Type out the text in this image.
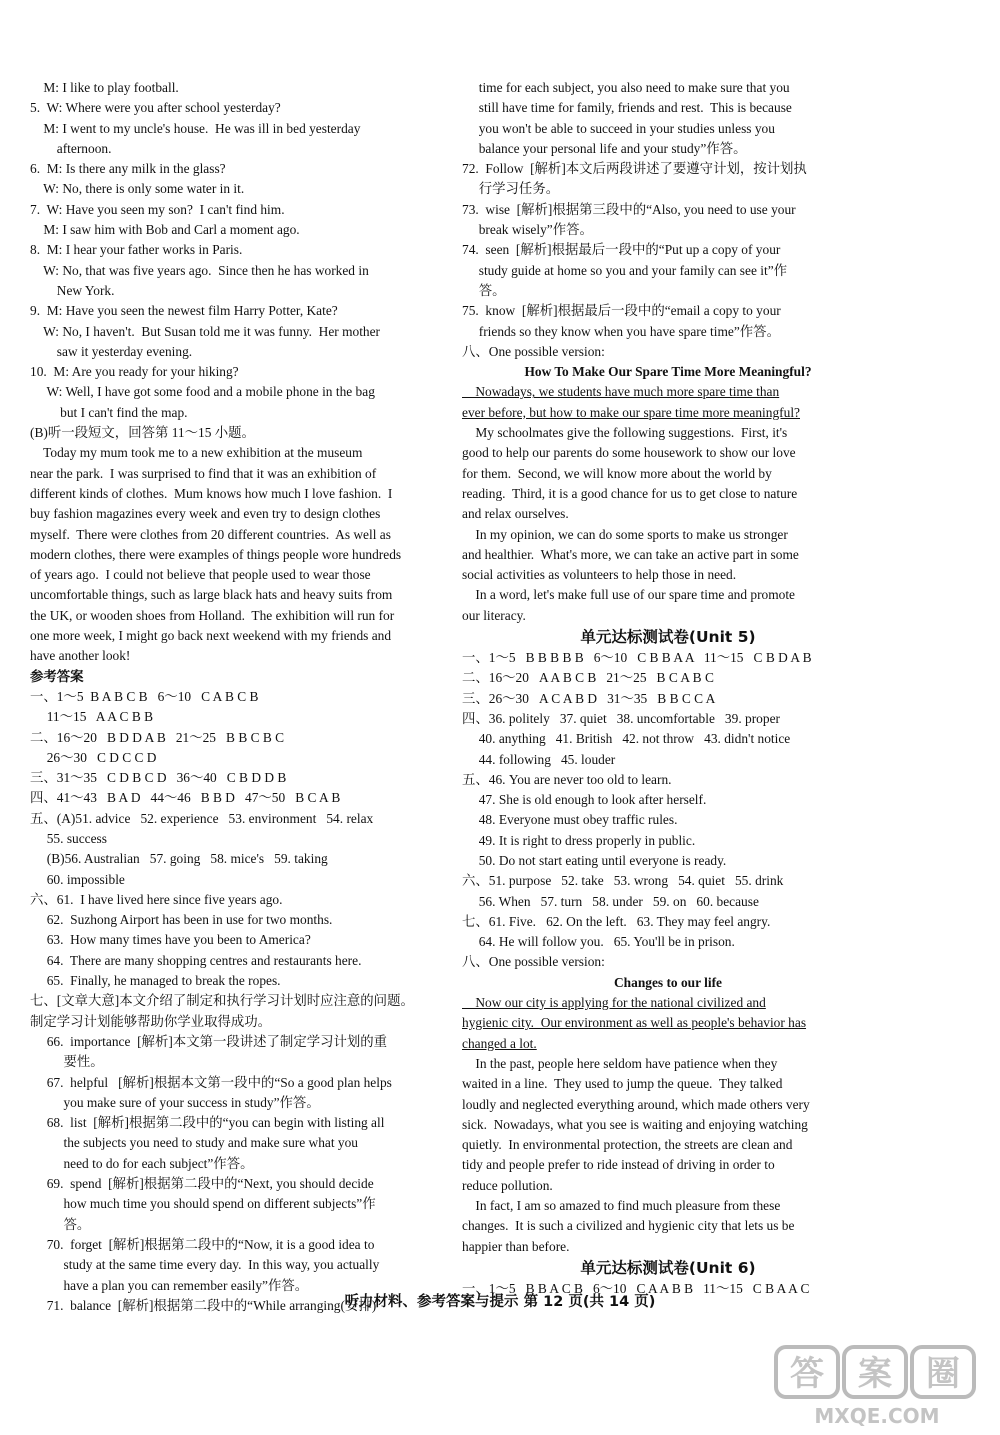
M: I like to play football.
5.  W: Where were you after school yesterday?
M: I went to my uncle's house.  He was ill in bed yesterday
afternoon.
6.  M: Is there any milk in the glass?
W: No, there is only some water in it.
7.  W: Have you seen my son?  I can't find him.
M: I saw him with Bob and Carl a moment ago.
8.  M: I hear your father works in Paris.
W: No, that was five years ago.  Since then he has worked in
New York.
9.  M: Have you seen the newest film Harry Potter, Kate?
W: No, I haven't.  But Susan told me it was funny.  Her mother
saw it yesterday evening.
10.  M: Are you ready for your hiking?
W: Well, I have got some food and a mobile phone in the bag
but I can't find the map.
(B)听一段短文，回答第 11～15 小题。
Today my mum took me to a new exhibition at the museum
near the park.  I was surprised to find that it was an exhibition of
different kinds of clothes.  Mum knows how much I love fashion.  I
buy fashion magazines every week and even try to design clothes
myself.  There were clothes from 20 different countries.  As well as
modern clothes, there were examples of things people wore hundreds
of years ago.  I could not believe that people used to wear those
uncomfortable things, such as large black hats and heavy suits from
the UK, or wooden shoes from Holland.  The exhibition will run for
one more week, I might go back next weekend with my friends and
have another look!
参考答案
一、1～5  B A B C B   6～10   C A B C B
11～15   A A C B B
二、16～20   B D D A B   21～25   B B C B C
26～30   C D C C D
三、31～35   C D B C D   36～40   C B D D B
四、41～43   B A D   44～46   B B D   47～50   B C A B
五、(A)51. advice   52. experience   53. environment   54. relax
55. success
(B)56. Australian   57. going   58. mice's   59. taking
60. impossible
六、61.  I have lived here since five years ago.
62.  Suzhong Airport has been in use for two months.
63.  How many times have you been to America?
64.  There are many shopping centres and restaurants here.
65.  Finally, he managed to break the ropes.
七、[文章大意]本文介绍了制定和执行学习计划时应注意的问题。
制定学习计划能够帮助你学业取得成功。
66.  importance  [解析]本文第一段讲述了制定学习计划的重
要性。
67.  helpful   [解析]根据本文第一段中的“So a good plan helps
you make sure of your success in study”作答。
68.  list  [解析]根据第二段中的“you can begin with listing all
the subjects you need to study and make sure what you
need to do for each subject”作答。
69.  spend  [解析]根据第二段中的“Next, you should decide
how much time you should spend on different subjects”作
答。
70.  forget  [解析]根据第二段中的“Now, it is a good idea to
study at the same time every day.  In this way, you actually
have a plan you can remember easily”作答。
71.  balance  [解析]根据第二段中的“While arranging(安排)
time for each subject, you also need to make sure that you
still have time for family, friends and rest.  This is because
you won't be able to succeed in your studies unless you
balance your personal life and your study”作答。
72.  Follow  [解析]本文后两段讲述了要遵守计划，按计划执
行学习任务。
73.  wise  [解析]根据第三段中的“Also, you need to use your
break wisely”作答。
74.  seen  [解析]根据最后一段中的“Put up a copy of your
study guide at home so you and your family can see it”作
答。
75.  know  [解析]根据最后一段中的“email a copy to your
friends so they know when you have spare time”作答。
八、One possible version:
How To Make Our Spare Time More Meaningful?
Nowadays, we students have much more spare time than
ever before, but how to make our spare time more meaningful?
My schoolmates give the following suggestions.  First, it's
good to help our parents do some housework to show our love
for them.  Second, we will know more about the world by
reading.  Third, it is a good chance for us to get close to nature
and relax ourselves.
In my opinion, we can do some sports to make us stronger
and healthier.  What's more, we can take an active part in some
social activities as volunteers to help those in need.
In a word, let's make full use of our spare time and promote
our literacy.
单元达标测试卷(Unit 5)
一、1～5   B B B B B   6～10   C B B A A   11～15   C B D A B
二、16～20   A A B C B   21～25   B C A B C
三、26～30   A C A B D   31～35   B B C C A
四、36. politely   37. quiet   38. uncomfortable   39. proper
40. anything   41. British   42. not throw   43. didn't notice
44. following   45. louder
五、46. You are never too old to learn.
47. She is old enough to look after herself.
48. Everyone must obey traffic rules.
49. It is right to dress properly in public.
50. Do not start eating until everyone is ready.
六、51. purpose   52. take   53. wrong   54. quiet   55. drink
56. When   57. turn   58. under   59. on   60. because
七、61. Five.   62. On the left.   63. They may feel angry.
64. He will follow you.   65. You'll be in prison.
八、One possible version:
Changes to our life
Now our city is applying for the national civilized and
hygienic city.  Our environment as well as people's behavior has
changed a lot.
In the past, people here seldom have patience when they
waited in a line.  They used to jump the queue.  They talked
loudly and neglected everything around, which made others very
sick.  Nowadays, what you see is waiting and enjoying watching
quietly.  In environmental protection, the streets are clean and
tidy and people prefer to ride instead of driving in order to
reduce pollution.
In fact, I am so amazed to find much pleasure from these
changes.  It is such a civilized and hygienic city that lets us be
happier than before.
单元达标测试卷(Unit 6)
一、1～5   B B A C B   6～10   C A A B B   11～15   C B A A C
听力材料、参考答案与提示 第 12 页(共 14 页)
答 案 圈
MXQE.COM
